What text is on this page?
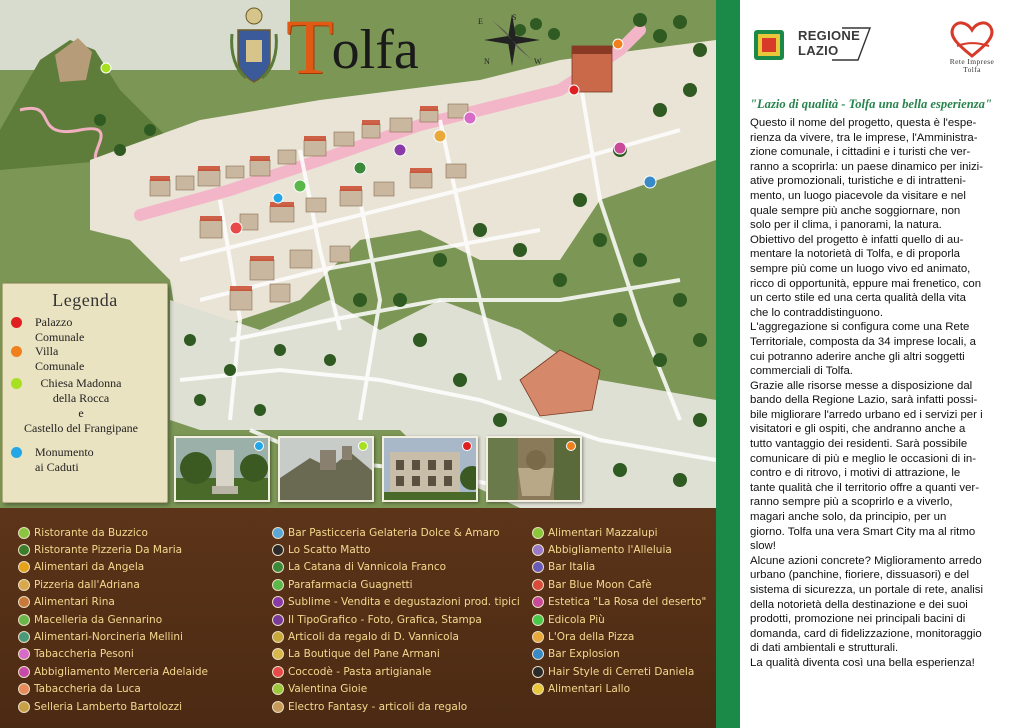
T
olfa	E	S
N	W
Legenda
Palazzo Comunale
Villa Comunale
Chiesa Madonna
della Rocca
e
Castello del Frangipane
Monumento ai Caduti
Ristorante da Buzzico
Ristorante Pizzeria Da Maria
Alimentari da Angela
Pizzeria dall'Adriana
Alimentari Rina
Macelleria da Gennarino
Alimentari-Norcineria Mellini
Tabaccheria Pesoni
Abbigliamento Merceria Adelaide
Tabaccheria da Luca
Selleria Lamberto Bartolozzi
Bar Pasticceria Gelateria Dolce & Amaro
Lo Scatto Matto
La Catana di Vannicola Franco
Parafarmacia Guagnetti
Sublime - Vendita e degustazioni prod. tipici
Il TipoGrafico - Foto, Grafica, Stampa
Articoli da regalo di D. Vannicola
La Boutique del Pane Armani
Coccodè - Pasta artigianale
Valentina Gioie
Electro Fantasy - articoli da regalo
Alimentari Mazzalupi
Abbigliamento l'Alleluia
Bar Italia
Bar Blue Moon Cafè
Estetica "La Rosa del deserto"
Edicola Più
L'Ora della Pizza
Bar Explosion
Hair Style di Cerreti Daniela
Alimentari Lallo
REGIONE
LAZIO
Rete Imprese
Tolfa
"Lazio di qualità - Tolfa una bella esperienza"
Questo il nome del progetto, questa è l'espe-
rienza da vivere, tra le imprese, l'Amministra-
zione comunale, i cittadini e i turisti che ver-
ranno a scoprirla: un paese dinamico per inizi-
ative promozionali, turistiche e di intratteni-
mento, un luogo piacevole da visitare e nel
quale sempre più anche soggiornare, non
solo per il clima, i panorami, la natura.
Obiettivo del progetto è infatti quello di au-
mentare la notorietà di Tolfa, e di proporla
sempre più come un luogo vivo ed animato,
ricco di opportunità, eppure mai frenetico, con
un certo stile ed una certa qualità della vita
che lo contraddistinguono.
L'aggregazione si configura come una Rete
Territoriale, composta da 34 imprese locali, a
cui potranno aderire anche gli altri soggetti
commerciali di Tolfa.
Grazie alle risorse messe a disposizione dal
bando della Regione Lazio, sarà infatti possi-
bile migliorare l'arredo urbano ed i servizi per i
visitatori e gli ospiti, che andranno anche a
tutto vantaggio dei residenti. Sarà possibile
comunicare di più e meglio le occasioni di in-
contro e di ritrovo, i motivi di attrazione, le
tante qualità che il territorio offre a quanti ver-
ranno sempre più a scoprirlo e a viverlo,
magari anche solo, da principio, per un
giorno. Tolfa una vera Smart City ma al ritmo
slow!
Alcune azioni concrete? Miglioramento arredo
urbano (panchine, fioriere, dissuasori) e del
sistema di sicurezza, un portale di rete, analisi
della notorietà della destinazione e dei suoi
prodotti, promozione nei principali bacini di
domanda, card di fidelizzazione, monitoraggio
di dati ambientali e strutturali.
La qualità diventa così una bella esperienza!
